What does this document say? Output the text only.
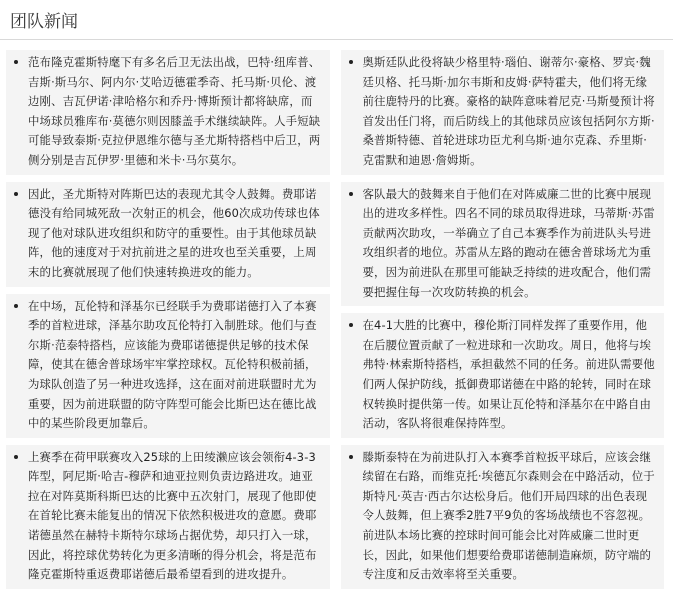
团队新闻
范布隆克霍斯特麾下有多名后卫无法出战，巴特·纽库普、吉斯·斯马尔、阿内尔·艾哈迈德霍季奇、托马斯·贝伦、渡边刚、吉瓦伊诺·津哈格尔和乔丹·博斯预计都将缺席，而中场球员雅库布·莫德尔则因膝盖手术继续缺阵。人手短缺可能导致泰斯·克拉伊恩维尔德与圣尤斯特搭档中后卫，两侧分别是吉瓦伊罗·里德和米卡·马尔莫尔。
因此，圣尤斯特对阵斯巴达的表现尤其令人鼓舞。费耶诺德没有给同城死敌一次射正的机会，他60次成功传球也体现了他对球队进攻组织和防守的重要性。由于其他球员缺阵，他的速度对于对抗前进之星的进攻也至关重要，上周末的比赛就展现了他们快速转换进攻的能力。
在中场，瓦伦特和泽基尔已经联手为费耶诺德打入了本赛季的首粒进球，泽基尔助攻瓦伦特打入制胜球。他们与查尔斯·范泰特搭档，应该能为费耶诺德提供足够的技术保障，使其在德舍普球场牢牢掌控球权。瓦伦特积极前插，为球队创造了另一种进攻选择，这在面对前进联盟时尤为重要，因为前进联盟的防守阵型可能会比斯巴达在德比战中的某些阶段更加靠后。
上赛季在荷甲联赛攻入25球的上田绫濑应该会领衔4-3-3阵型，阿尼斯·哈吉-穆萨和迪亚拉则负责边路进攻。迪亚拉在对阵莫斯科斯巴达的比赛中五次射门，展现了他即使在首轮比赛未能复出的情况下依然积极进攻的意愿。费耶诺德虽然在赫特卡斯特尔球场占据优势，却只打入一球，因此，将控球优势转化为更多清晰的得分机会，将是范布隆克霍斯特重返费耶诺德后最希望看到的进攻提升。
奥斯廷队此役将缺少格里特·瑙伯、谢蒂尔·豪格、罗宾·魏廷贝格、托马斯·加尔韦斯和皮姆·萨特霍夫，他们将无缘前往鹿特丹的比赛。豪格的缺阵意味着尼克·马斯曼预计将首发出任门将，而后防线上的其他球员应该包括阿尔方斯·桑普斯特德、首轮进球功臣尤利乌斯·迪尔克森、乔里斯·克雷默和迪恩·詹姆斯。
客队最大的鼓舞来自于他们在对阵威廉二世的比赛中展现出的进攻多样性。四名不同的球员取得进球，马蒂斯·苏雷贡献两次助攻，一举确立了自己本赛季作为前进队头号进攻组织者的地位。苏雷从左路的跑动在德舍普球场尤为重要，因为前进队在那里可能缺乏持续的进攻配合，他们需要把握住每一次攻防转换的机会。
在4-1大胜的比赛中，穆伦斯汀同样发挥了重要作用，他在后腰位置贡献了一粒进球和一次助攻。周日，他将与埃弗特·林索斯特搭档，承担截然不同的任务。前进队需要他们两人保护防线，抵御费耶诺德在中路的轮转，同时在球权转换时提供第一传。如果让瓦伦特和泽基尔在中路自由活动，客队将很难保持阵型。
滕斯泰特在为前进队打入本赛季首粒扳平球后，应该会继续留在右路，而维克托·埃德瓦尔森则会在中路活动，位于斯特凡·英吉·西古尔达松身后。他们开局四球的出色表现令人鼓舞，但上赛季2胜7平9负的客场战绩也不容忽视。前进队本场比赛的控球时间可能会比对阵威廉二世时更长，因此，如果他们想要给费耶诺德制造麻烦，防守端的专注度和反击效率将至关重要。
